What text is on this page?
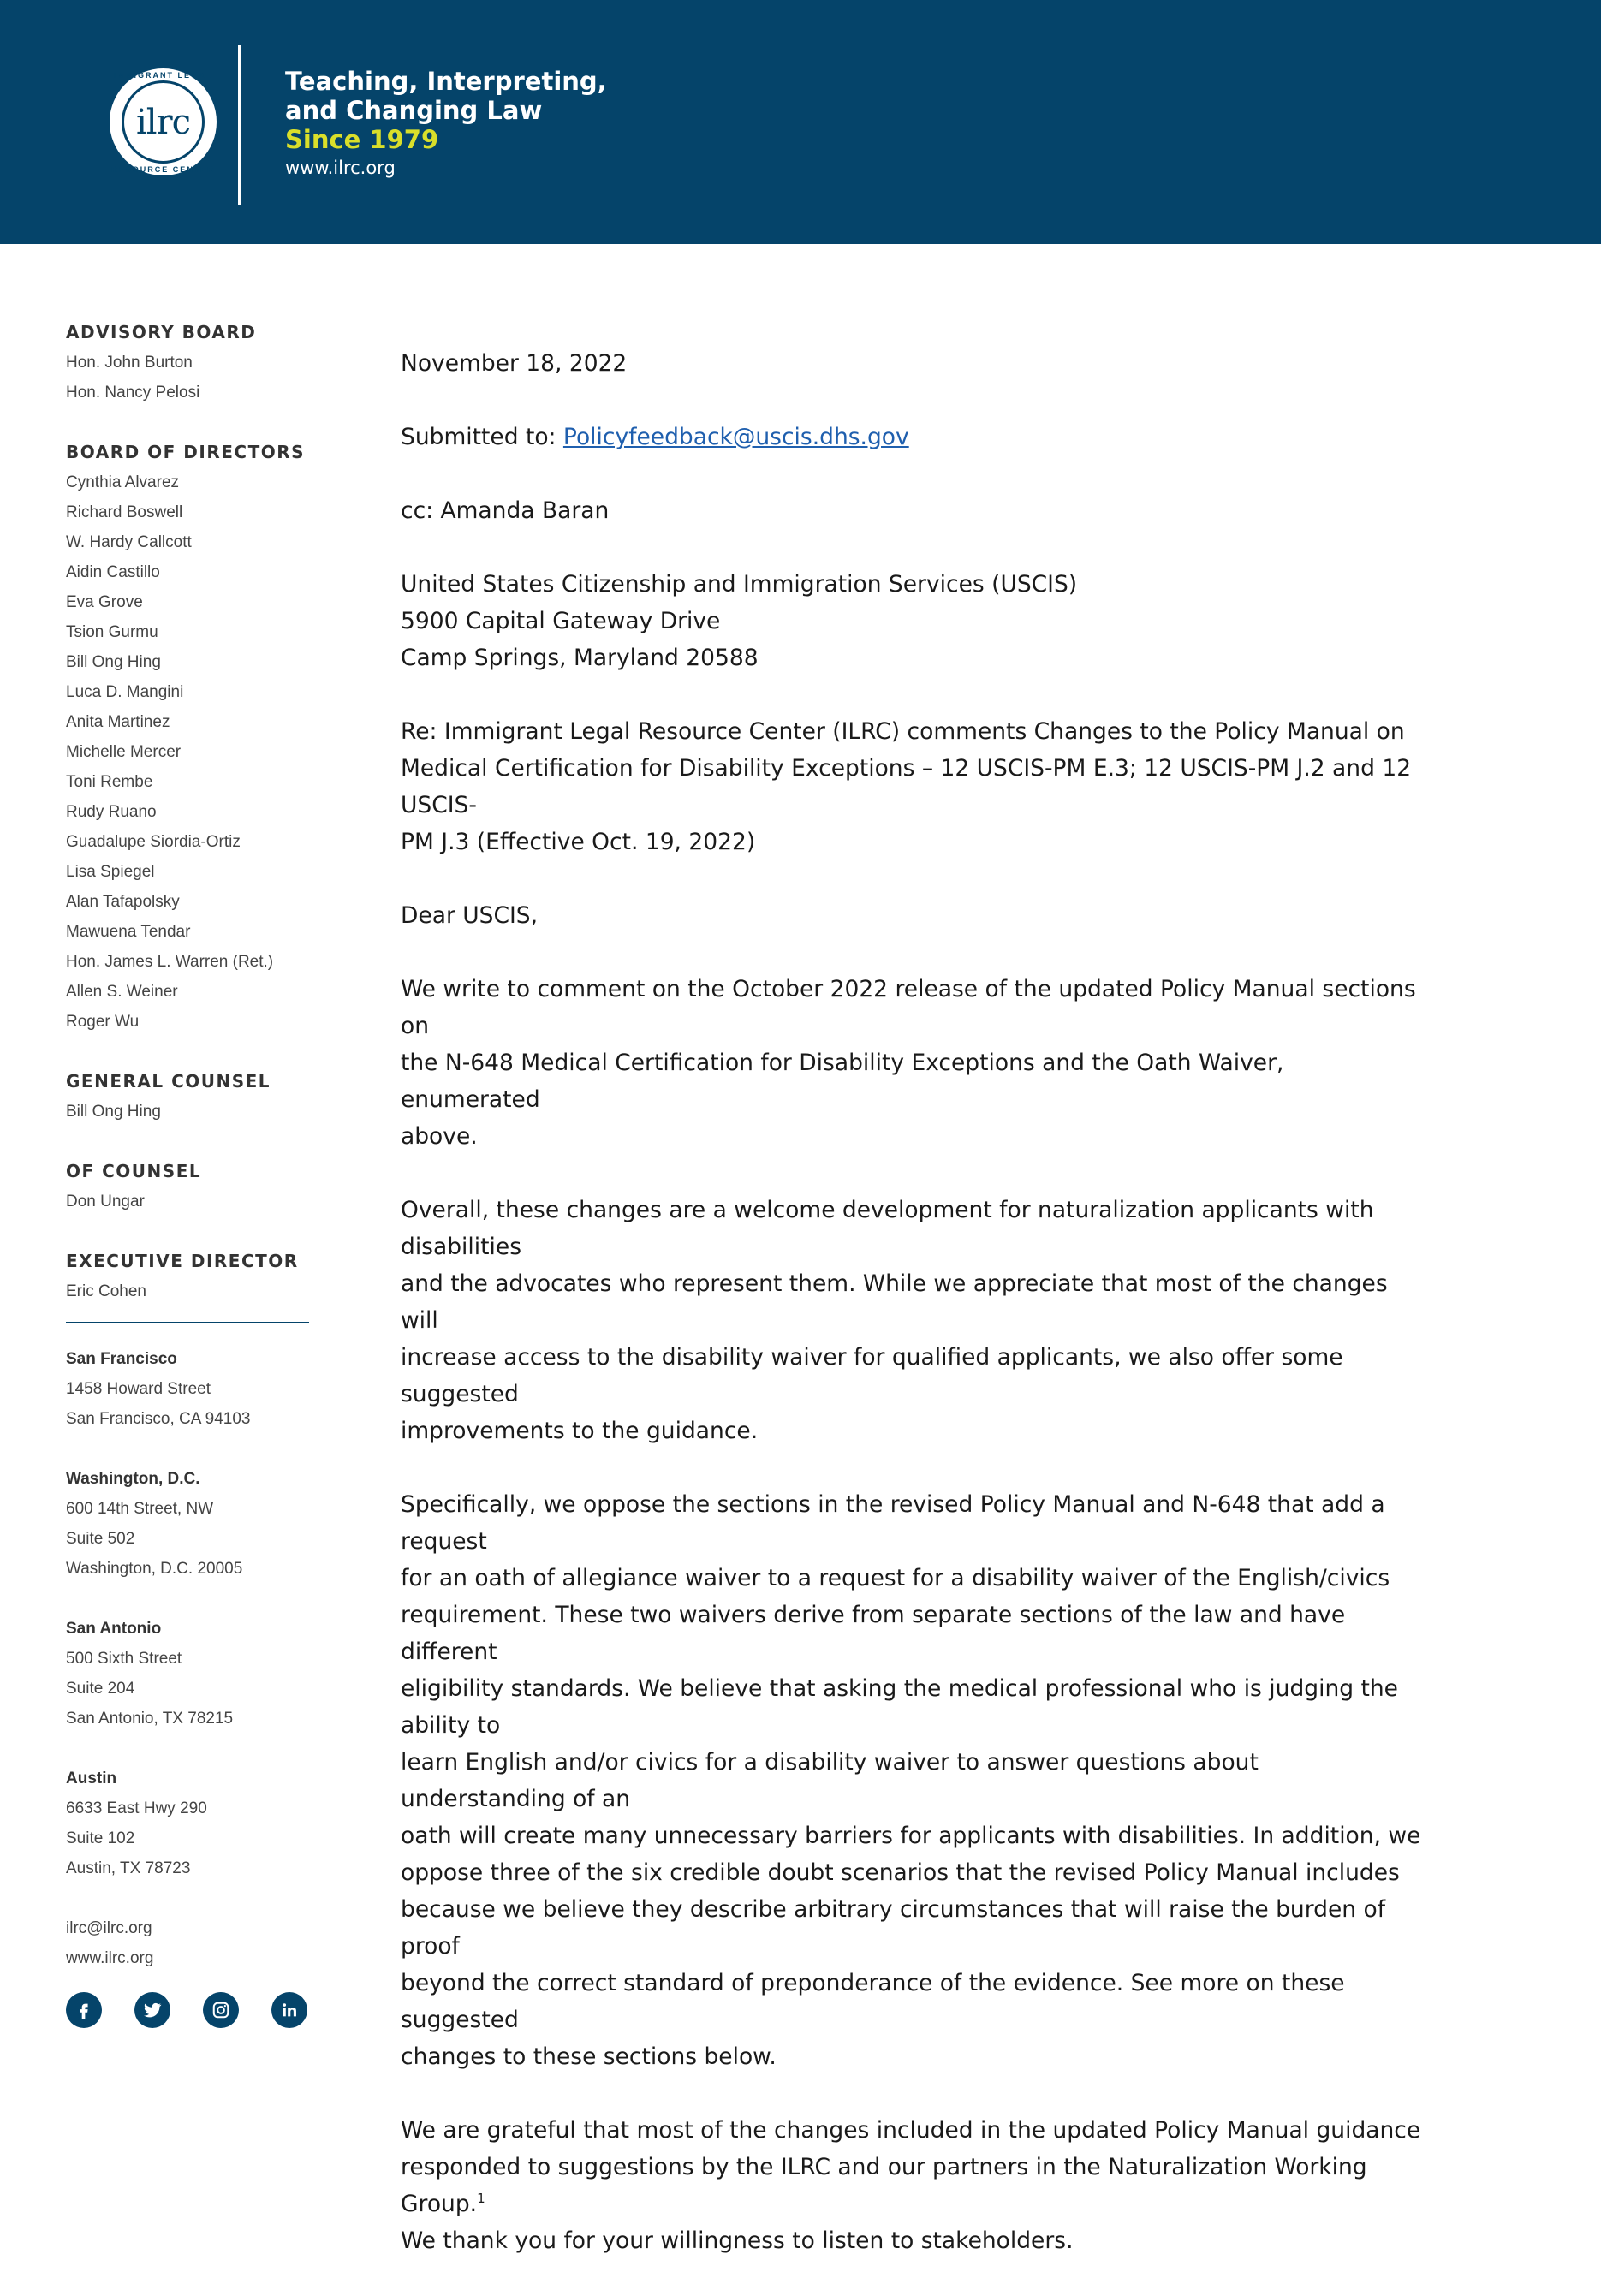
IMMIGRANT LEGAL
ilrc
RESOURCE CENTER
Teaching, Interpreting,
and Changing Law
Since 1979
www.ilrc.org
ADVISORY BOARD
Hon. John Burton
Hon. Nancy Pelosi
BOARD OF DIRECTORS
Cynthia Alvarez
Richard Boswell
W. Hardy Callcott
Aidin Castillo
Eva Grove
Tsion Gurmu
Bill Ong Hing
Luca D. Mangini
Anita Martinez
Michelle Mercer
Toni Rembe
Rudy Ruano
Guadalupe Siordia-Ortiz
Lisa Spiegel
Alan Tafapolsky
Mawuena Tendar
Hon. James L. Warren (Ret.)
Allen S. Weiner
Roger Wu
GENERAL COUNSEL
Bill Ong Hing
OF COUNSEL
Don Ungar
EXECUTIVE DIRECTOR
Eric Cohen
San Francisco
1458 Howard Street
San Francisco, CA 94103
Washington, D.C.
600 14th Street, NW
Suite 502
Washington, D.C. 20005
San Antonio
500 Sixth Street
Suite 204
San Antonio, TX 78215
Austin
6633 East Hwy 290
Suite 102
Austin, TX 78723
ilrc@ilrc.org
www.ilrc.org

November 18, 2022

Submitted to: Policyfeedback@uscis.dhs.gov

cc: Amanda Baran

United States Citizenship and Immigration Services (USCIS)
5900 Capital Gateway Drive
Camp Springs, Maryland 20588

Re: Immigrant Legal Resource Center (ILRC) comments Changes to the Policy Manual on
Medical Certification for Disability Exceptions – 12 USCIS-PM E.3; 12 USCIS-PM J.2 and 12 USCIS-
PM J.3 (Effective Oct. 19, 2022)

Dear USCIS,

We write to comment on the October 2022 release of the updated Policy Manual sections on
the N-648 Medical Certification for Disability Exceptions and the Oath Waiver, enumerated
above.

Overall, these changes are a welcome development for naturalization applicants with disabilities
and the advocates who represent them. While we appreciate that most of the changes will
increase access to the disability waiver for qualified applicants, we also offer some suggested
improvements to the guidance.

Specifically, we oppose the sections in the revised Policy Manual and N-648 that add a request
for an oath of allegiance waiver to a request for a disability waiver of the English/civics
requirement. These two waivers derive from separate sections of the law and have different
eligibility standards. We believe that asking the medical professional who is judging the ability to
learn English and/or civics for a disability waiver to answer questions about understanding of an
oath will create many unnecessary barriers for applicants with disabilities. In addition, we
oppose three of the six credible doubt scenarios that the revised Policy Manual includes
because we believe they describe arbitrary circumstances that will raise the burden of proof
beyond the correct standard of preponderance of the evidence. See more on these suggested
changes to these sections below.

We are grateful that most of the changes included in the updated Policy Manual guidance
responded to suggestions by the ILRC and our partners in the Naturalization Working Group.$^1$
We thank you for your willingness to listen to stakeholders.
